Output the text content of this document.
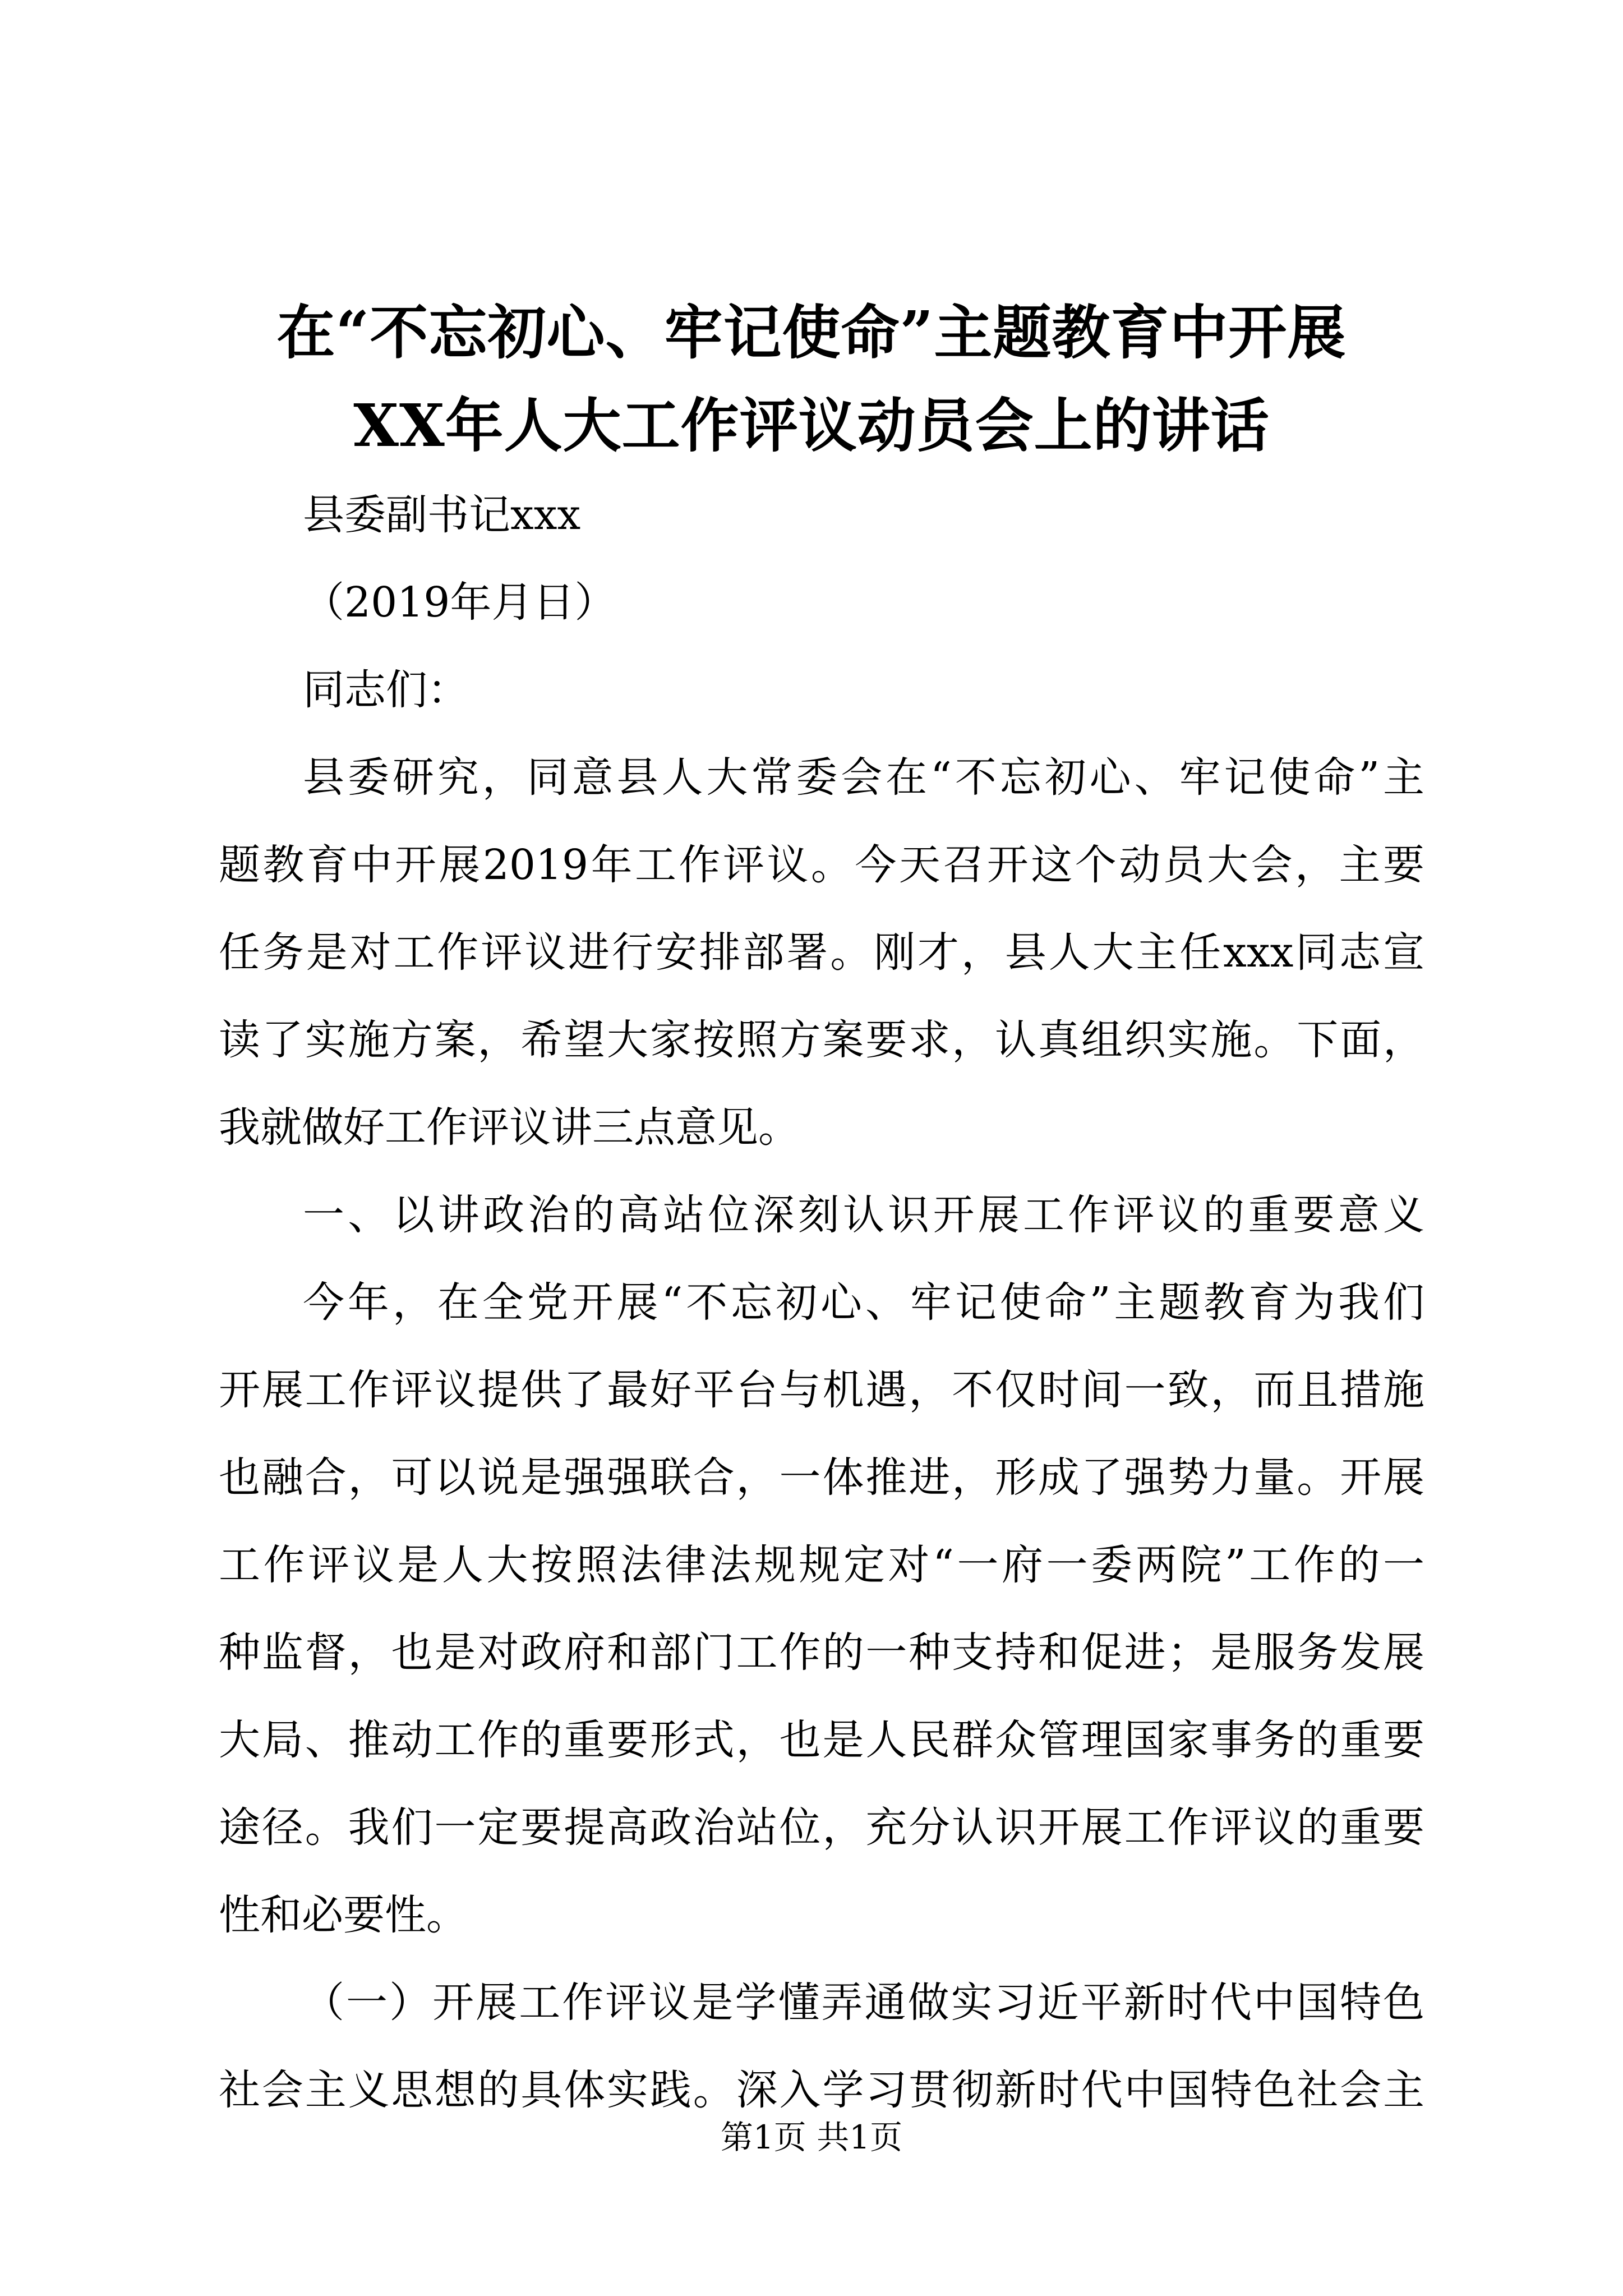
在“不忘初心、牢记使命”主题教育中开展
XX年人大工作评议动员会上的讲话
县委副书记xxx
（2019年月日）
同志们：
县委研究，同意县人大常委会在“不忘初心、牢记使命”主
题教育中开展2019年工作评议。今天召开这个动员大会，主要
任务是对工作评议进行安排部署。刚才，县人大主任xxx同志宣
读了实施方案，希望大家按照方案要求，认真组织实施。下面，
我就做好工作评议讲三点意见。
一、以讲政治的高站位深刻认识开展工作评议的重要意义
今年，在全党开展“不忘初心、牢记使命”主题教育为我们
开展工作评议提供了最好平台与机遇，不仅时间一致，而且措施
也融合，可以说是强强联合，一体推进，形成了强势力量。开展
工作评议是人大按照法律法规规定对“一府一委两院”工作的一
种监督，也是对政府和部门工作的一种支持和促进；是服务发展
大局、推动工作的重要形式，也是人民群众管理国家事务的重要
途径。我们一定要提高政治站位，充分认识开展工作评议的重要
性和必要性。
（一）开展工作评议是学懂弄通做实习近平新时代中国特色
社会主义思想的具体实践。深入学习贯彻新时代中国特色社会主
第1页 共1页
